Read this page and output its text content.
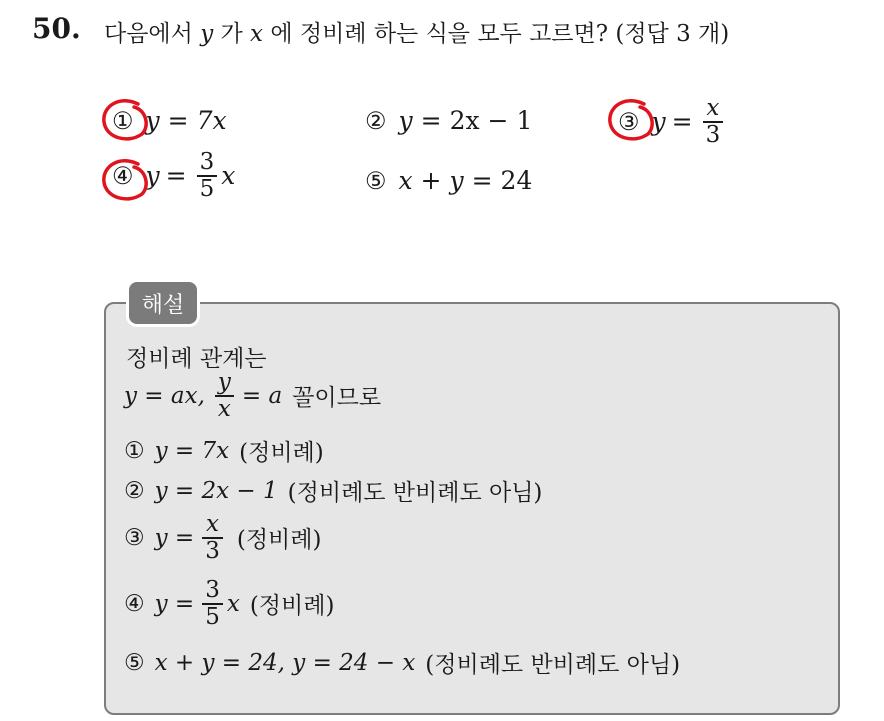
50. 다음에서 y 가 x 에 정비례 하는 식을 모두 고르면? (정답 3 개)
① y = 7x	② y = 2x − 1	③ $y = \frac{x}{3}$
④ $y = \frac{3}{5}$ x	⑤ x + y = 24
해설
정비례 관계는
y = ax, $\frac{y}{x} = a$ 꼴이므로
① y = 7x (정비례)
② y = 2x − 1 (정비례도 반비례도 아님)
③ $y = \frac{x}{3}$ (정비례)
④ $y = \frac{3}{5}$ x (정비례)
⑤ x + y = 24, y = 24 − x (정비례도 반비례도 아님)
